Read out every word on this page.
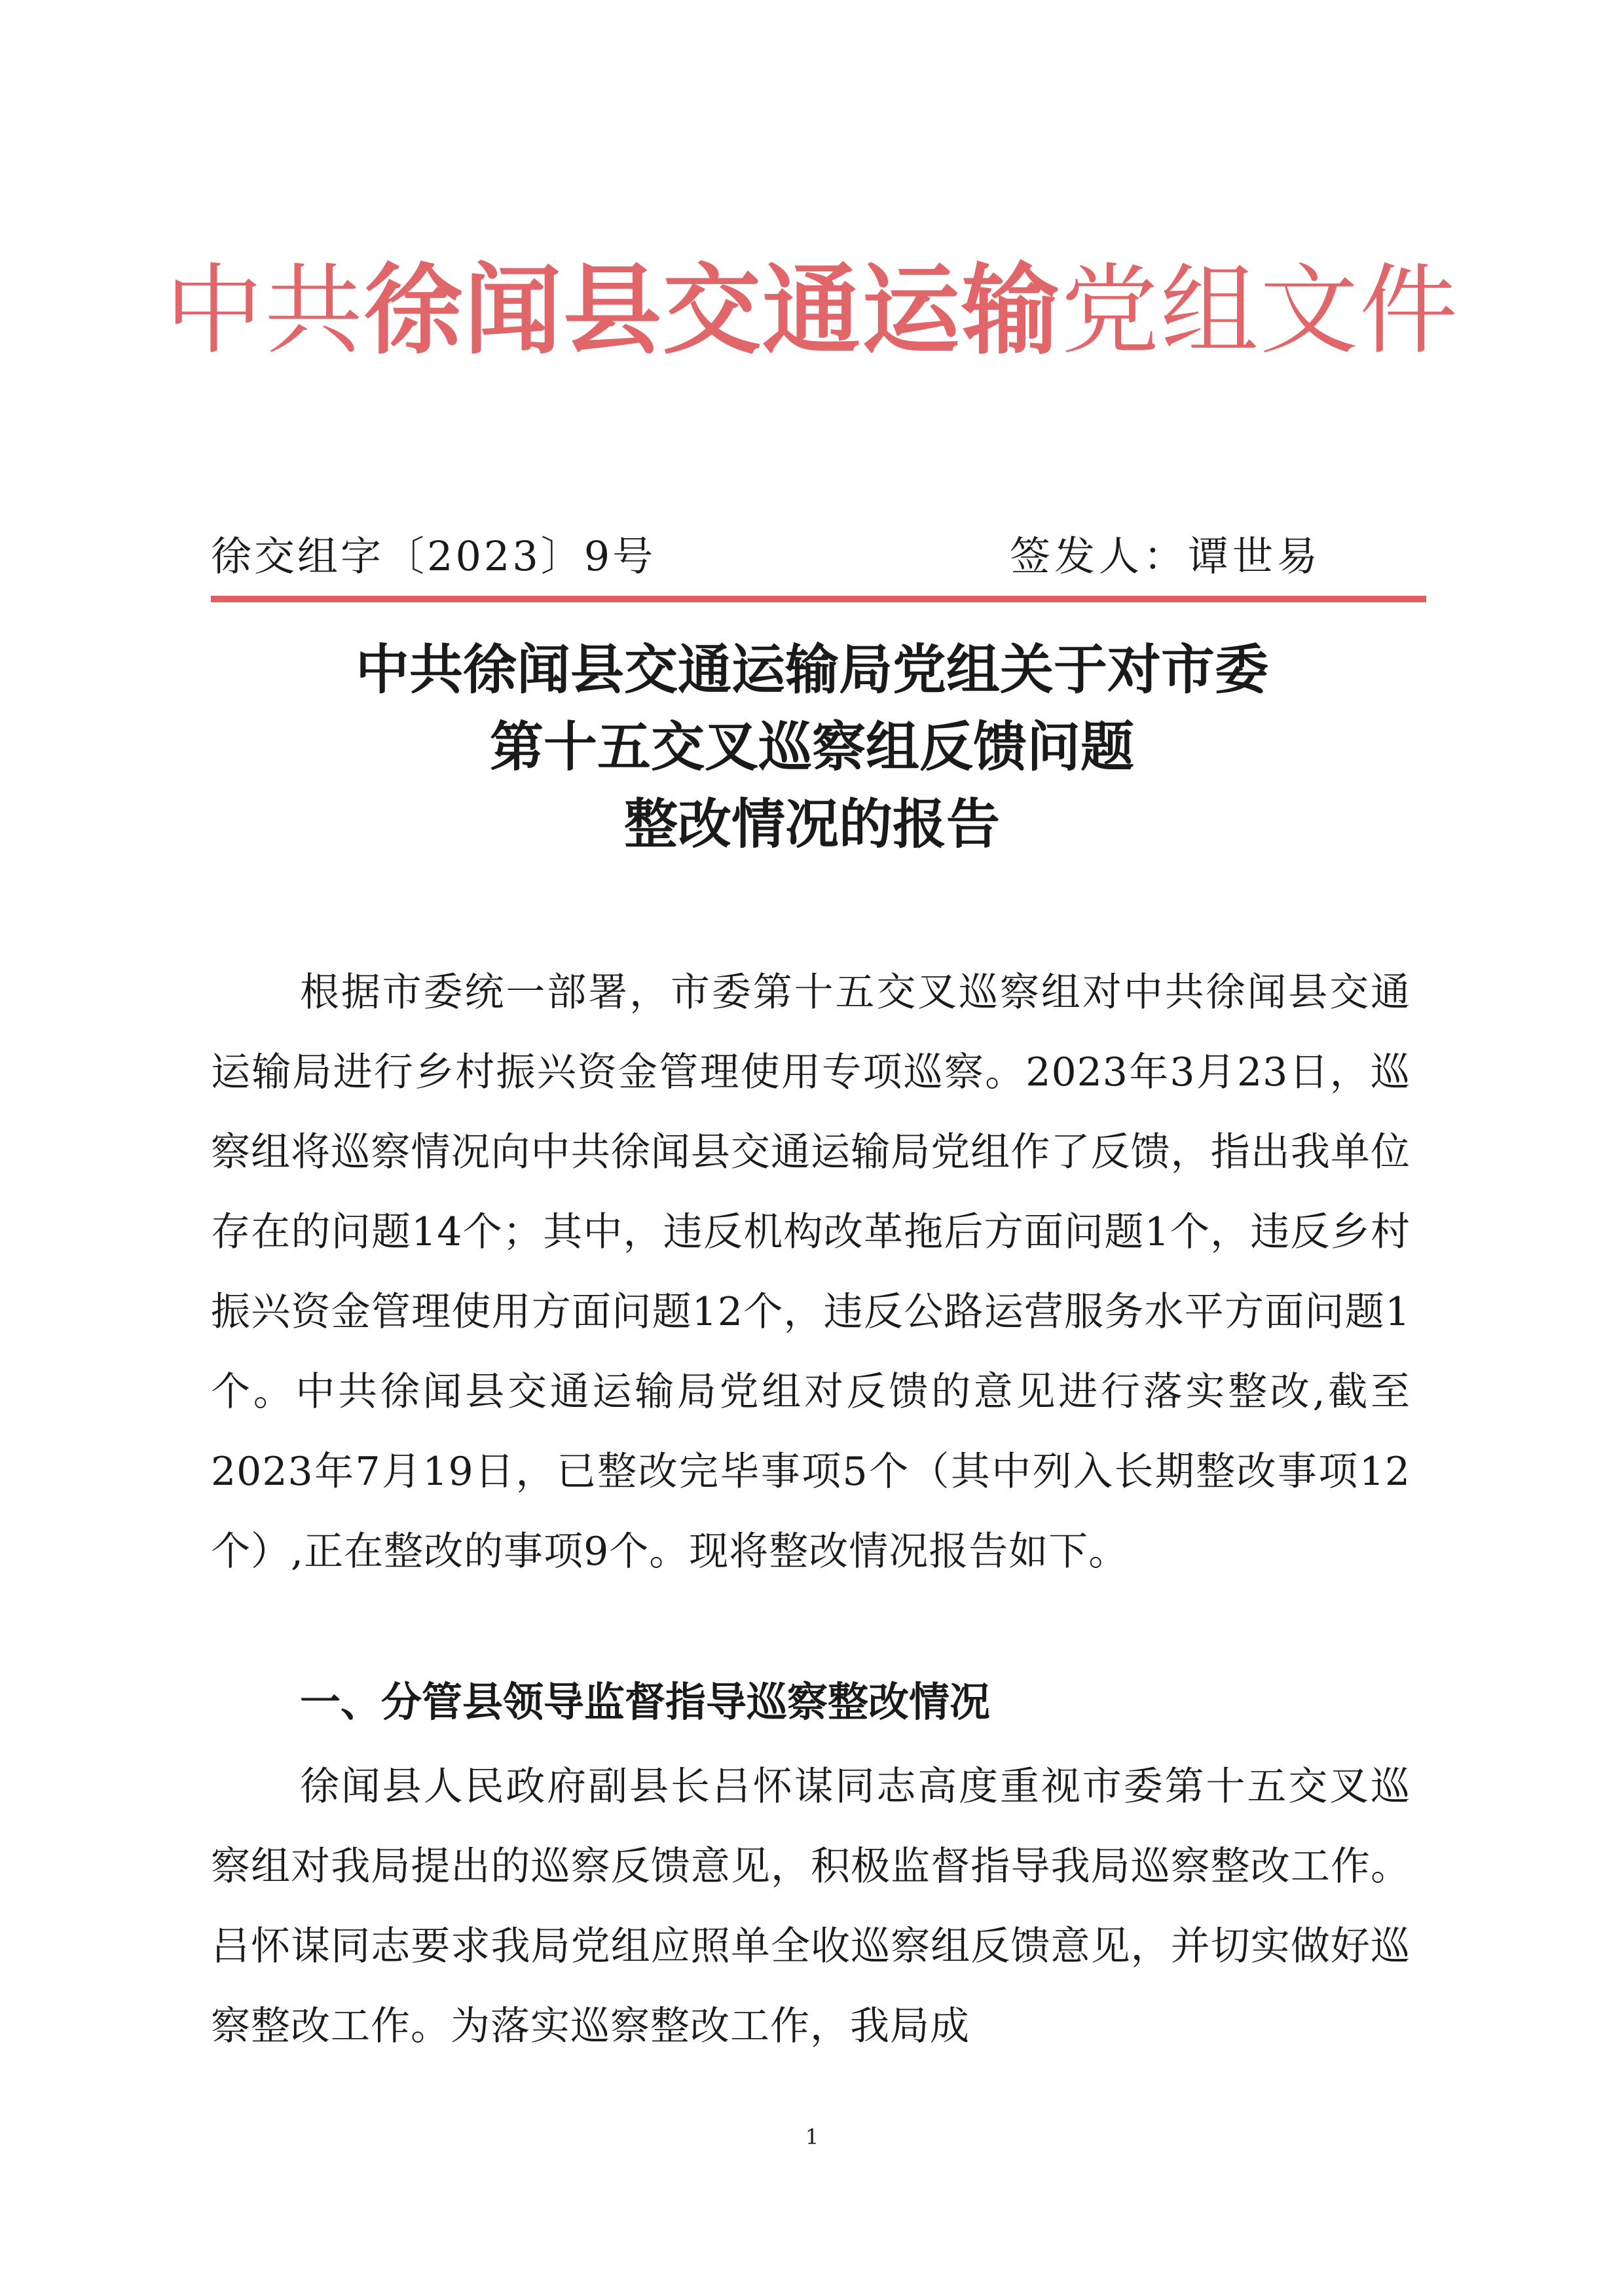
中共徐闻县交通运输党组文件
徐交组字〔2023〕9号	签发人：谭世易
中共徐闻县交通运输局党组关于对市委
第十五交叉巡察组反馈问题
整改情况的报告

根据市委统一部署，市委第十五交叉巡察组对中共徐闻县交通运输局进行乡村振兴资金管理使用专项巡察。2023年3月23日，巡察组将巡察情况向中共徐闻县交通运输局党组作了反馈，指出我单位存在的问题14个；其中，违反机构改革拖后方面问题1个，违反乡村振兴资金管理使用方面问题12个，违反公路运营服务水平方面问题1个。中共徐闻县交通运输局党组对反馈的意见进行落实整改,截至2023年7月19日，已整改完毕事项5个（其中列入长期整改事项12个）,正在整改的事项9个。现将整改情况报告如下。

一、分管县领导监督指导巡察整改情况

徐闻县人民政府副县长吕怀谋同志高度重视市委第十五交叉巡察组对我局提出的巡察反馈意见，积极监督指导我局巡察整改工作。吕怀谋同志要求我局党组应照单全收巡察组反馈意见，并切实做好巡察整改工作。为落实巡察整改工作，我局成

1
